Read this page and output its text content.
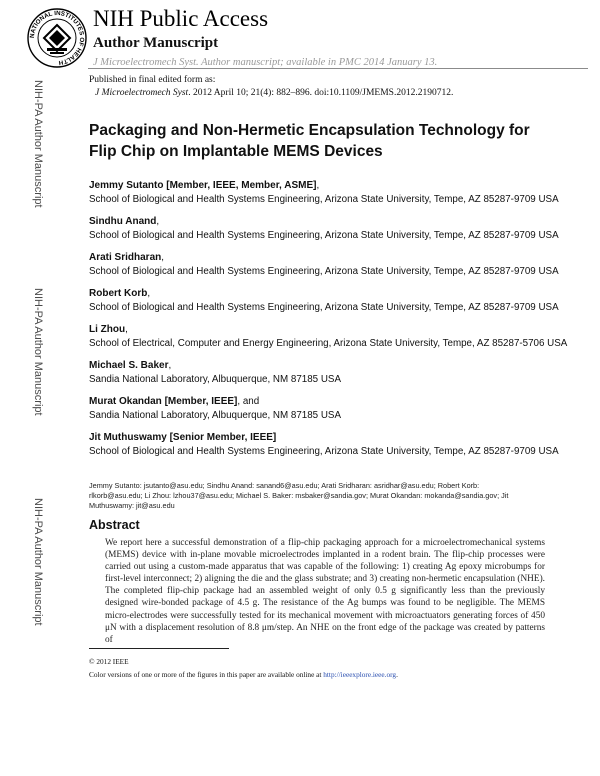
NATIONAL INSTITUTES OF HEALTH
NIH Public Access
Author Manuscript
J Microelectromech Syst. Author manuscript; available in PMC 2014 January 13.
Published in final edited form as:
J Microelectromech Syst. 2012 April 10; 21(4): 882–896. doi:10.1109/JMEMS.2012.2190712.
NIH-PA Author Manuscript
NIH-PA Author Manuscript
NIH-PA Author Manuscript
Packaging and Non-Hermetic Encapsulation Technology for Flip Chip on Implantable MEMS Devices
Jemmy Sutanto [Member, IEEE, Member, ASME],
School of Biological and Health Systems Engineering, Arizona State University, Tempe, AZ 85287-9709 USA
Sindhu Anand,
School of Biological and Health Systems Engineering, Arizona State University, Tempe, AZ 85287-9709 USA
Arati Sridharan,
School of Biological and Health Systems Engineering, Arizona State University, Tempe, AZ 85287-9709 USA
Robert Korb,
School of Biological and Health Systems Engineering, Arizona State University, Tempe, AZ 85287-9709 USA
Li Zhou,
School of Electrical, Computer and Energy Engineering, Arizona State University, Tempe, AZ 85287-5706 USA
Michael S. Baker,
Sandia National Laboratory, Albuquerque, NM 87185 USA
Murat Okandan [Member, IEEE], and
Sandia National Laboratory, Albuquerque, NM 87185 USA
Jit Muthuswamy [Senior Member, IEEE]
School of Biological and Health Systems Engineering, Arizona State University, Tempe, AZ 85287-9709 USA
Jemmy Sutanto: jsutanto@asu.edu; Sindhu Anand: sanand6@asu.edu; Arati Sridharan: asridhar@asu.edu; Robert Korb: rlkorb@asu.edu; Li Zhou: lzhou37@asu.edu; Michael S. Baker: msbaker@sandia.gov; Murat Okandan: mokanda@sandia.gov; Jit Muthuswamy: jit@asu.edu
Abstract
We report here a successful demonstration of a flip-chip packaging approach for a microelectromechanical systems (MEMS) device with in-plane movable microelectrodes implanted in a rodent brain. The flip-chip processes were carried out using a custom-made apparatus that was capable of the following: 1) creating Ag epoxy microbumps for first-level interconnect; 2) aligning the die and the glass substrate; and 3) creating non-hermetic encapsulation (NHE). The completed flip-chip package had an assembled weight of only 0.5 g significantly less than the previously designed wire-bonded package of 4.5 g. The resistance of the Ag bumps was found to be negligible. The MEMS micro-electrodes were successfully tested for its mechanical movement with microactuators generating forces of 450 μN with a displacement resolution of 8.8 μm/step. An NHE on the front edge of the package was created by patterns of
© 2012 IEEE
Color versions of one or more of the figures in this paper are available online at http://ieeexplore.ieee.org.
